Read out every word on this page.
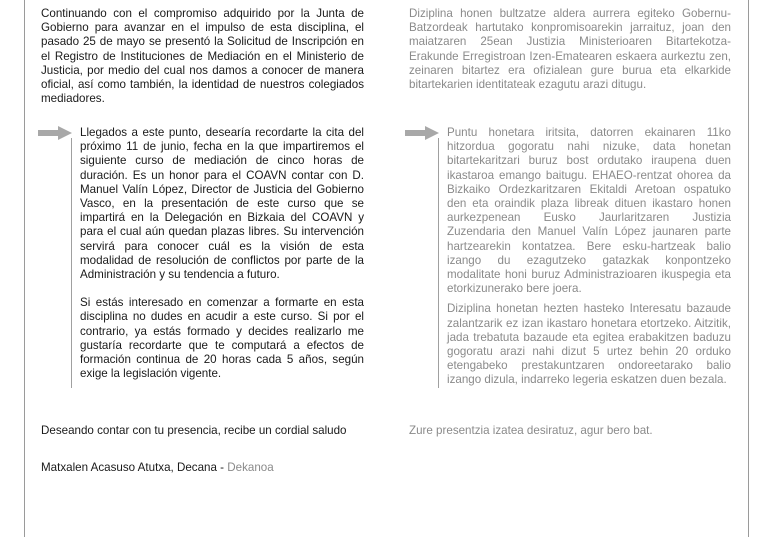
Continuando con el compromiso adquirido por la Junta de Gobierno para avanzar en el impulso de esta disciplina, el pasado 25 de mayo se presentó la Solicitud de Inscripción en el Registro de Instituciones de Mediación en el Ministerio de Justicia, por medio del cual nos damos a conocer de manera oficial, así como también, la identidad de nuestros colegiados mediadores.

Llegados a este punto, desearía recordarte la cita del próximo 11 de junio, fecha en la que impartiremos el siguiente curso de mediación de cinco horas de duración. Es un honor para el COAVN contar con D. Manuel Valín López, Director de Justicia del Gobierno Vasco, en la presentación de este curso que se impartirá en la Delegación en Bizkaia del COAVN y para el cual aún quedan plazas libres. Su intervención servirá para conocer cuál es la visión de esta modalidad de resolución de conflictos por parte de la Administración y su tendencia a futuro.

Si estás interesado en comenzar a formarte en esta disciplina no dudes en acudir a este curso. Si por el contrario, ya estás formado y decides realizarlo me gustaría recordarte que te computará a efectos de formación continua de 20 horas cada 5 años, según exige la legislación vigente.

Deseando contar con tu presencia, recibe un cordial saludo

Matxalen Acasuso Atutxa, Decana - Dekanoa

Diziplina honen bultzatze aldera aurrera egiteko Gobernu-Batzordeak hartutako konpromisoarekin jarraituz, joan den maiatzaren 25ean Justizia Ministerioaren Bitartekotza-Erakunde Erregistroan Izen-Ematearen eskaera aurkeztu zen, zeinaren bitartez era ofizialean gure burua eta elkarkide bitartekarien identitateak ezagutu arazi ditugu.

Puntu honetara iritsita, datorren ekainaren 11ko hitzordua gogoratu nahi nizuke, data honetan bitartekaritzari buruz bost ordutako iraupena duen ikastaroa emango baitugu. EHAEO-rentzat ohorea da Bizkaiko Ordezkaritzaren Ekitaldi Aretoan ospatuko den eta oraindik plaza libreak dituen ikastaro honen aurkezpenean Eusko Jaurlaritzaren Justizia Zuzendaria den Manuel Valín López jaunaren parte hartzearekin kontatzea. Bere esku-hartzeak balio izango du ezagutzeko gatazkak konpontzeko modalitate honi buruz Administrazioaren ikuspegia eta etorkizunerako bere joera.

Diziplina honetan hezten hasteko Interesatu bazaude zalantzarik ez izan ikastaro honetara etortzeko. Aitzitik, jada trebatuta bazaude eta egitea erabakitzen baduzu gogoratu arazi nahi dizut 5 urtez behin 20 orduko etengabeko prestakuntzaren ondoreetarako balio izango dizula, indarreko legeria eskatzen duen bezala.

Zure presentzia izatea desiratuz, agur bero bat.
